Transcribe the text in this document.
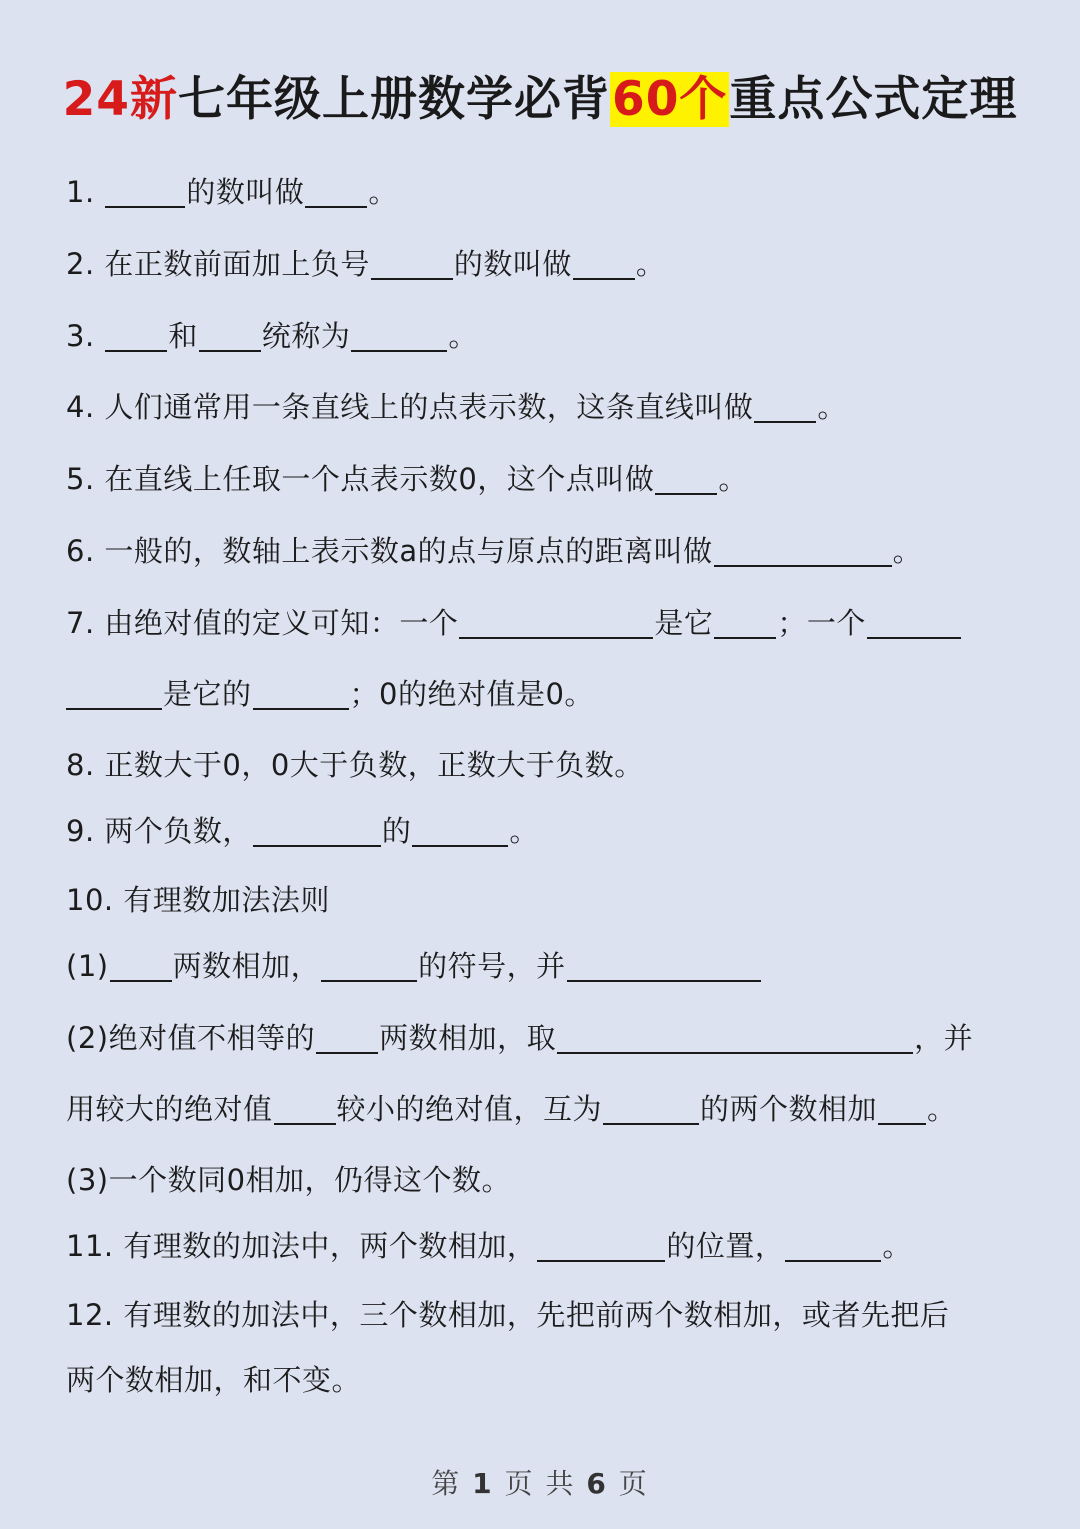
24新七年级上册数学必背60个重点公式定理
1.	的数叫做 。
2. 在正数前面加上负号	的数叫做 。
3.	和 统称为	。
4. 人们通常用一条直线上的点表示数，这条直线叫做 。
5. 在直线上任取一个点表示数0，这个点叫做 。
6. 一般的，数轴上表示数a的点与原点的距离叫做	。
7. 由绝对值的定义可知：一个	是它 ；一个
是它的	；0的绝对值是0。
8. 正数大于0，0大于负数，正数大于负数。
9. 两个负数，	的	。
10. 有理数加法法则
(1) 两数相加，	的符号，并
(2)绝对值不相等的 两数相加，取	，并
用较大的绝对值 较小的绝对值，互为	的两个数相加 。
(3)一个数同0相加，仍得这个数。
11. 有理数的加法中，两个数相加，	的位置，	。
12. 有理数的加法中，三个数相加，先把前两个数相加，或者先把后
两个数相加，和不变。
第 1 页 共 6 页
